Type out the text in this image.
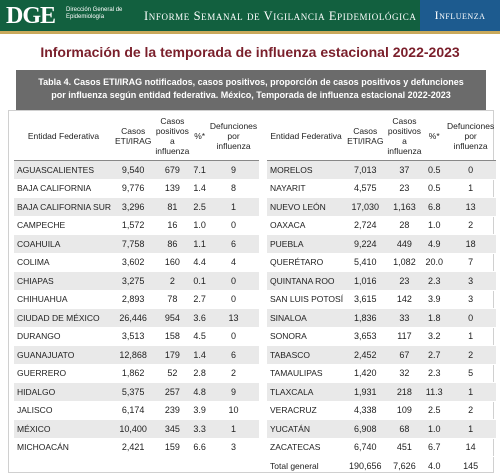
DGE Dirección General de Epidemiología	Informe Semanal de Vigilancia Epidemiológica	Influenza
Información de la temporada de influenza estacional 2022-2023
Tabla 4. Casos ETI/IRAG notificados, casos positivos, proporción de casos positivos y defunciones
por influenza según entidad federativa. México, Temporada de influenza estacional 2022-2023
Entidad Federativa	Casos ETI/IRAG	Casos positivos a influenza	%*	Defunciones por influenza
AGUASCALIENTES	9,540	679	7.1	9
BAJA CALIFORNIA	9,776	139	1.4	8
BAJA CALIFORNIA SUR	3,296	81	2.5	1
CAMPECHE	1,572	16	1.0	0
COAHUILA	7,758	86	1.1	6
COLIMA	3,602	160	4.4	4
CHIAPAS	3,275	2	0.1	0
CHIHUAHUA	2,893	78	2.7	0
CIUDAD DE MÉXICO	26,446	954	3.6	13
DURANGO	3,513	158	4.5	0
GUANAJUATO	12,868	179	1.4	6
GUERRERO	1,862	52	2.8	2
HIDALGO	5,375	257	4.8	9
JALISCO	6,174	239	3.9	10
MÉXICO	10,400	345	3.3	1
MICHOACÁN	2,421	159	6.6	3
Entidad Federativa	Casos ETI/IRAG	Casos positivos a influenza	%*	Defunciones por influenza
MORELOS	7,013	37	0.5	0
NAYARIT	4,575	23	0.5	1
NUEVO LEÓN	17,030	1,163	6.8	13
OAXACA	2,724	28	1.0	2
PUEBLA	9,224	449	4.9	18
QUERÉTARO	5,410	1,082	20.0	7
QUINTANA ROO	1,016	23	2.3	3
SAN LUIS POTOSÍ	3,615	142	3.9	3
SINALOA	1,836	33	1.8	0
SONORA	3,653	117	3.2	1
TABASCO	2,452	67	2.7	2
TAMAULIPAS	1,420	32	2.3	5
TLAXCALA	1,931	218	11.3	1
VERACRUZ	4,338	109	2.5	2
YUCATÁN	6,908	68	1.0	1
ZACATECAS	6,740	451	6.7	14
Total general	190,656	7,626	4.0	145
